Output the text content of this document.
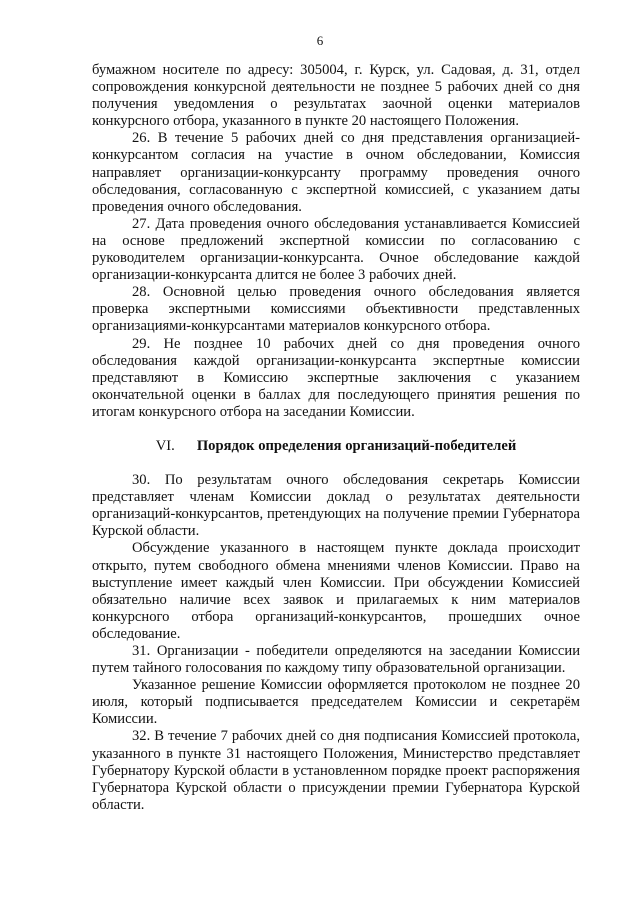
6

бумажном носителе по адресу: 305004, г. Курск, ул. Садовая, д. 31, отдел сопровождения конкурсной деятельности не позднее 5 рабочих дней со дня получения уведомления о результатах заочной оценки материалов конкурсного отбора, указанного в пункте 20 настоящего Положения.

26. В течение 5 рабочих дней со дня представления организацией-конкурсантом согласия на участие в очном обследовании, Комиссия направляет организации-конкурсанту программу проведения очного обследования, согласованную с экспертной комиссией, с указанием даты проведения очного обследования.

27. Дата проведения очного обследования устанавливается Комиссией на основе предложений экспертной комиссии по согласованию с руководителем организации-конкурсанта. Очное обследование каждой организации-конкурсанта длится не более 3 рабочих дней.

28. Основной целью проведения очного обследования является проверка экспертными комиссиями объективности представленных организациями-конкурсантами материалов конкурсного отбора.

29. Не позднее 10 рабочих дней со дня проведения очного обследования каждой организации-конкурсанта экспертные комиссии представляют в Комиссию экспертные заключения с указанием окончательной оценки в баллах для последующего принятия решения по итогам конкурсного отбора на заседании Комиссии.

VI. Порядок определения организаций-победителей

30. По результатам очного обследования секретарь Комиссии представляет членам Комиссии доклад о результатах деятельности организаций-конкурсантов, претендующих на получение премии Губернатора Курской области.

Обсуждение указанного в настоящем пункте доклада происходит открыто, путем свободного обмена мнениями членов Комиссии. Право на выступление имеет каждый член Комиссии. При обсуждении Комиссией обязательно наличие всех заявок и прилагаемых к ним материалов конкурсного отбора организаций-конкурсантов, прошедших очное обследование.

31. Организации - победители определяются на заседании Комиссии путем тайного голосования по каждому типу образовательной организации.

Указанное решение Комиссии оформляется протоколом не позднее 20 июля, который подписывается председателем Комиссии и секретарём Комиссии.

32. В течение 7 рабочих дней со дня подписания Комиссией протокола, указанного в пункте 31 настоящего Положения, Министерство представляет Губернатору Курской области в установленном порядке проект распоряжения Губернатора Курской области о присуждении премии Губернатора Курской области.
